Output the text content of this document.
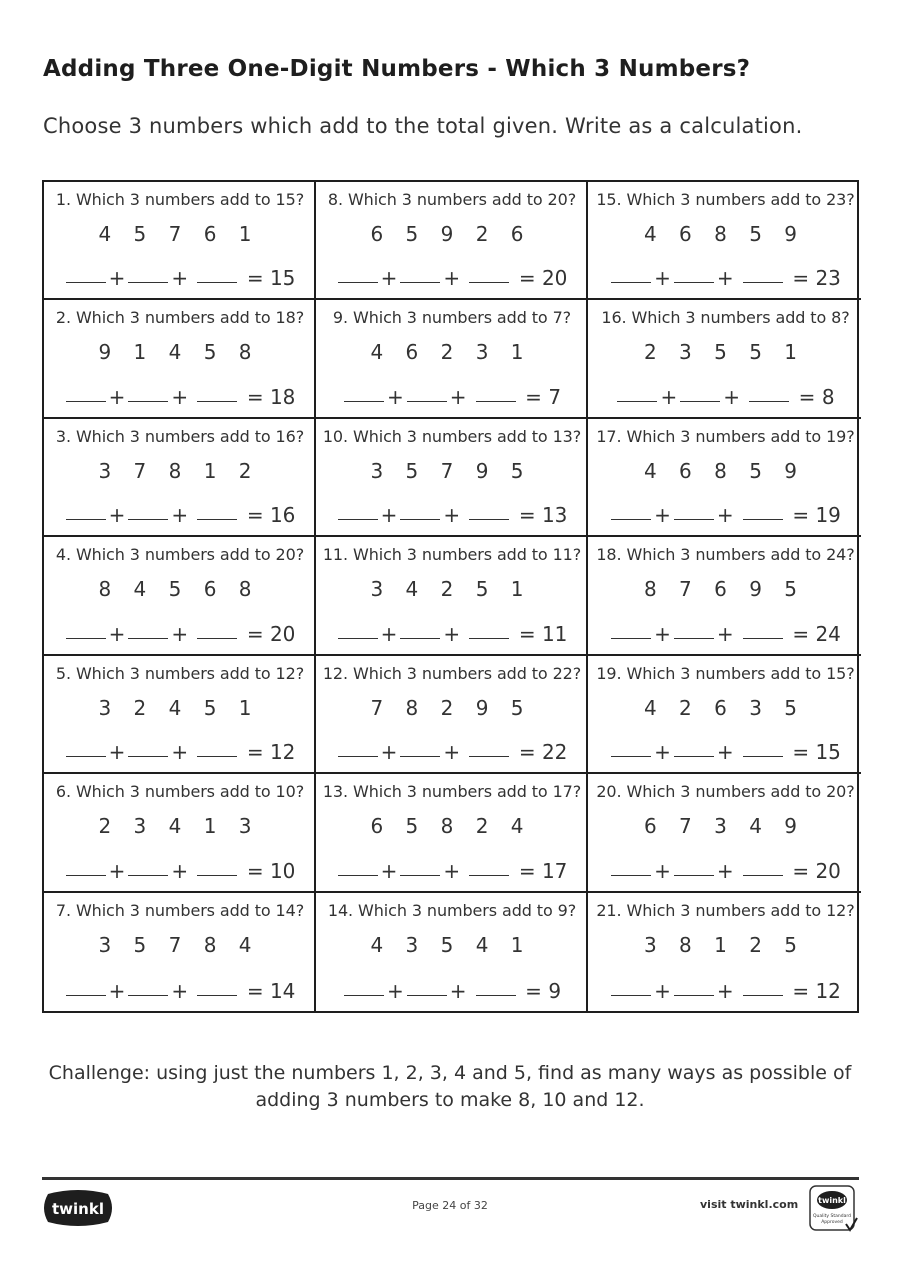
Adding Three One-Digit Numbers - Which 3 Numbers?

Choose 3 numbers which add to the total given. Write as a calculation.

1. Which 3 numbers add to 15?
4 5 7 6 1
+ +  = 15
8. Which 3 numbers add to 20?
6 5 9 2 6
+ +  = 20
15. Which 3 numbers add to 23?
4 6 8 5 9
+ +  = 23
2. Which 3 numbers add to 18?
9 1 4 5 8
+ +  = 18
9. Which 3 numbers add to 7?
4 6 2 3 1
+ +  = 7
16. Which 3 numbers add to 8?
2 3 5 5 1
+ +  = 8
3. Which 3 numbers add to 16?
3 7 8 1 2
+ +  = 16
10. Which 3 numbers add to 13?
3 5 7 9 5
+ +  = 13
17. Which 3 numbers add to 19?
4 6 8 5 9
+ +  = 19
4. Which 3 numbers add to 20?
8 4 5 6 8
+ +  = 20
11. Which 3 numbers add to 11?
3 4 2 5 1
+ +  = 11
18. Which 3 numbers add to 24?
8 7 6 9 5
+ +  = 24
5. Which 3 numbers add to 12?
3 2 4 5 1
+ +  = 12
12. Which 3 numbers add to 22?
7 8 2 9 5
+ +  = 22
19. Which 3 numbers add to 15?
4 2 6 3 5
+ +  = 15
6. Which 3 numbers add to 10?
2 3 4 1 3
+ +  = 10
13. Which 3 numbers add to 17?
6 5 8 2 4
+ +  = 17
20. Which 3 numbers add to 20?
6 7 3 4 9
+ +  = 20
7. Which 3 numbers add to 14?
3 5 7 8 4
+ +  = 14
14. Which 3 numbers add to 9?
4 3 5 4 1
+ +  = 9
21. Which 3 numbers add to 12?
3 8 1 2 5
+ +  = 12

Challenge: using just the numbers 1, 2, 3, 4 and 5, find as many ways as possible of adding 3 numbers to make 8, 10 and 12.

twinkl	Page 24 of 32	visit twinkl.com twinkl
Quality Standard
Approved
